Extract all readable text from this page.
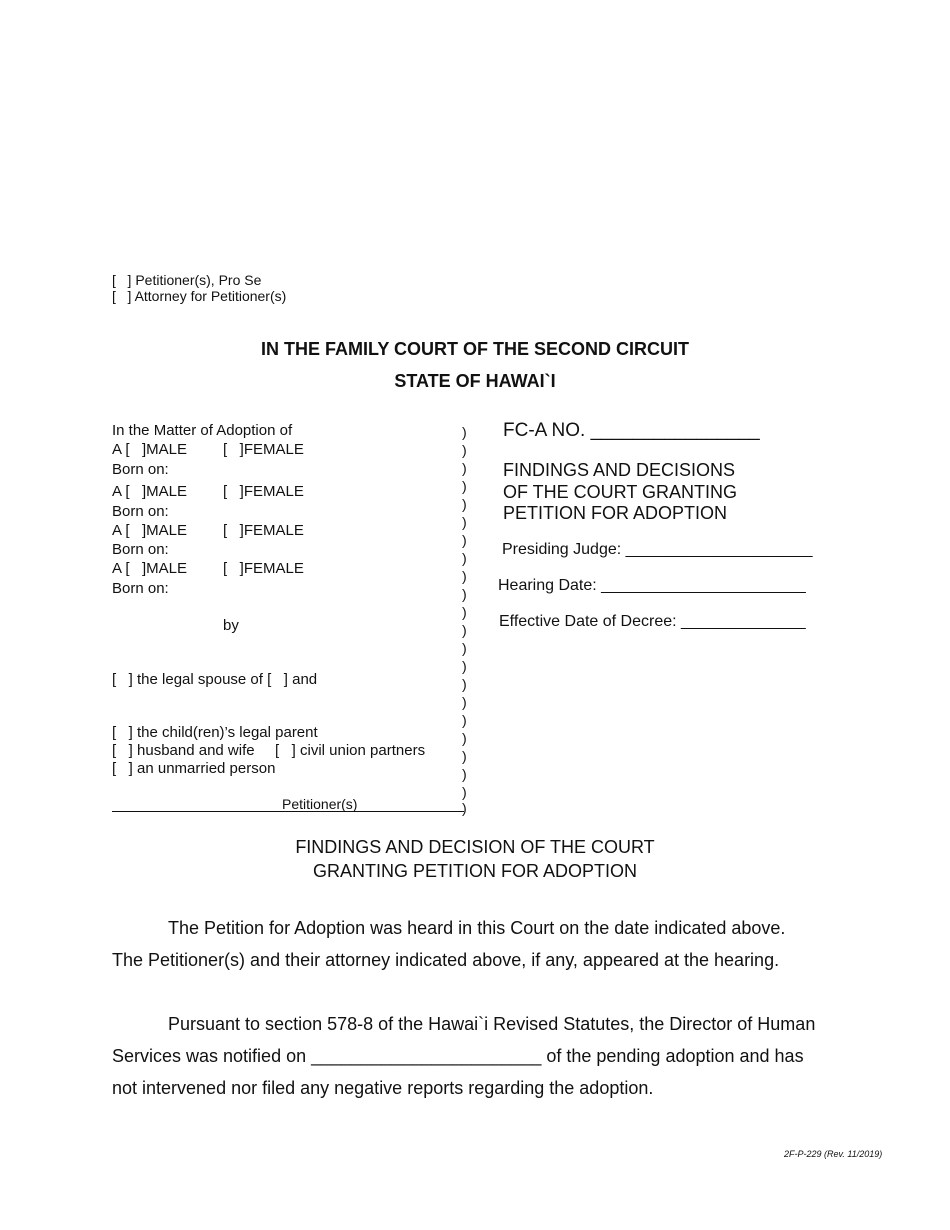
[   ] Petitioner(s), Pro Se
[   ] Attorney for Petitioner(s)
IN THE FAMILY COURT OF THE SECOND CIRCUIT
STATE OF HAWAI`I
In the Matter of Adoption of
A [   ]MALE [   ]FEMALE
Born on:
A [   ]MALE [   ]FEMALE
Born on:
A [   ]MALE [   ]FEMALE
Born on:
A [   ]MALE [   ]FEMALE
Born on:
by
[   ] the legal spouse of [   ] and
[   ] the child(ren)’s legal parent
[   ] husband and wife [   ] civil union partners
[   ] an unmarried person
Petitioner(s)
)
)
)
)
)
)
)
)
)
)
)
)
)
)
)
)
)
)
)
)
)
)
FC-A NO. ________________
FINDINGS AND DECISIONS
OF THE COURT GRANTING
PETITION FOR ADOPTION
Presiding Judge: _____________________
Hearing Date: _______________________
Effective Date of Decree: ______________
FINDINGS AND DECISION OF THE COURT
GRANTING PETITION FOR ADOPTION
The Petition for Adoption was heard in this Court on the date indicated above.
The Petitioner(s) and their attorney indicated above, if any, appeared at the hearing.
Pursuant to section 578-8 of the Hawai`i Revised Statutes, the Director of Human
Services was notified on _______________________ of the pending adoption and has
not intervened nor filed any negative reports regarding the adoption.
2F-P-229 (Rev. 11/2019)
